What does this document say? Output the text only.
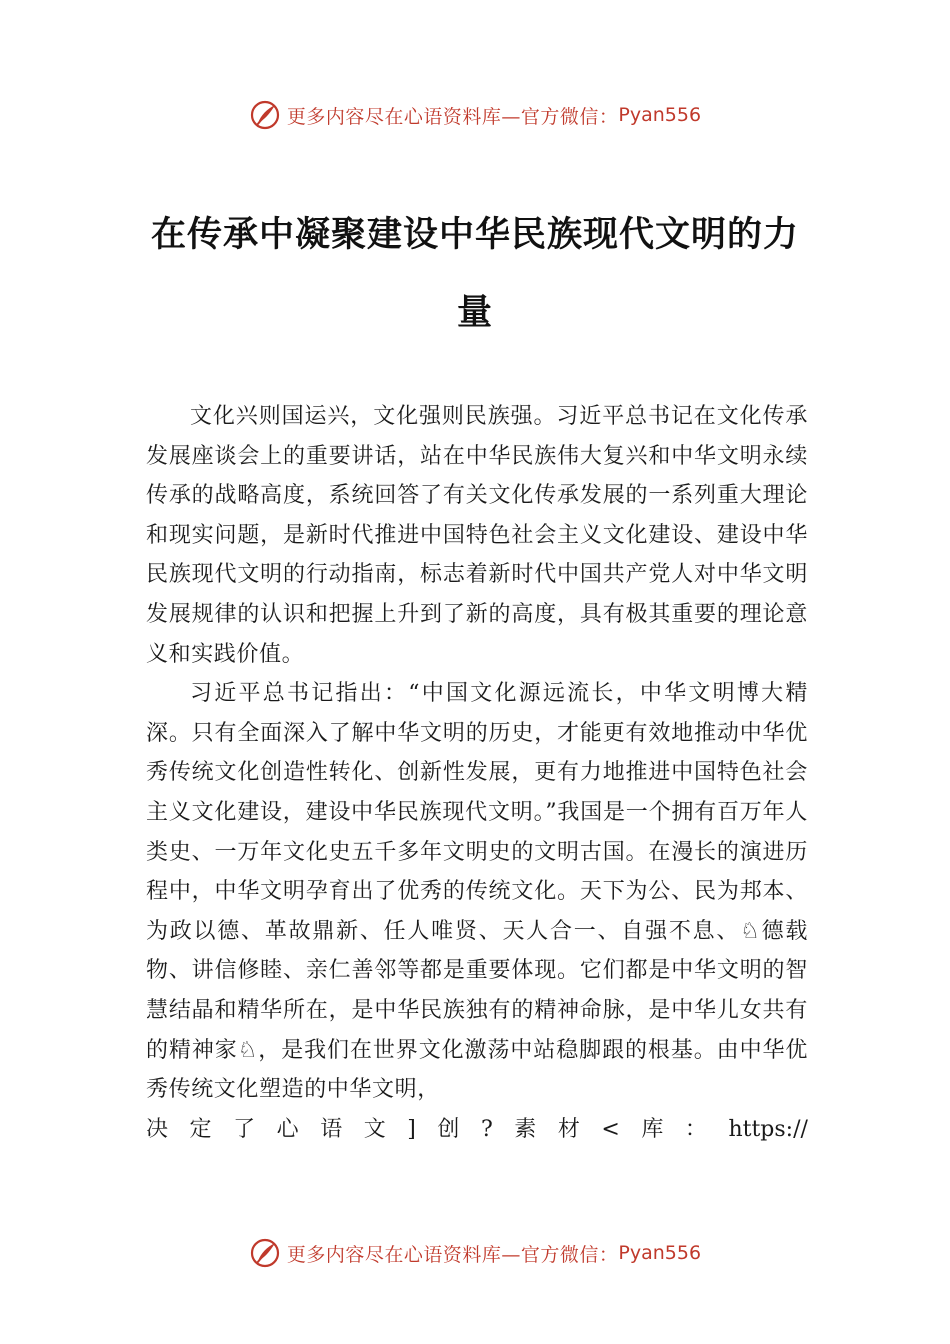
更多内容尽在心语资料库—官方微信： Pyan556
在传承中凝聚建设中华民族现代文明的力量

文化兴则国运兴，文化强则民族强。习近平总书记在文化传承发展座谈会上的重要讲话，站在中华民族伟大复兴和中华文明永续传承的战略高度，系统回答了有关文化传承发展的一系列重大理论和现实问题，是新时代推进中国特色社会主义文化建设、建设中华民族现代文明的行动指南，标志着新时代中国共产党人对中华文明发展规律的认识和把握上升到了新的高度，具有极其重要的理论意义和实践价值。

习近平总书记指出：“中国文化源远流长，中华文明博大精深。只有全面深入了解中华文明的历史，才能更有效地推动中华优秀传统文化创造性转化、创新性发展，更有力地推进中国特色社会主义文化建设，建设中华民族现代文明。”我国是一个拥有百万年人类史、一万年文化史五千多年文明史的文明古国。在漫长的演进历程中，中华文明孕育出了优秀的传统文化。天下为公、民为邦本、为政以德、革故鼎新、任人唯贤、天人合一、自强不息、♘德载物、讲信修睦、亲仁善邻等都是重要体现。它们都是中华文明的智慧结晶和精华所在，是中华民族独有的精神命脉，是中华儿女共有的精神家♘，是我们在世界文化激荡中站稳脚跟的根基。由中华优秀传统文化塑造的中华文明，

决 定 了 心 语 文 ] 创 ? 素 材 < 库 ： https://
更多内容尽在心语资料库—官方微信： Pyan556
